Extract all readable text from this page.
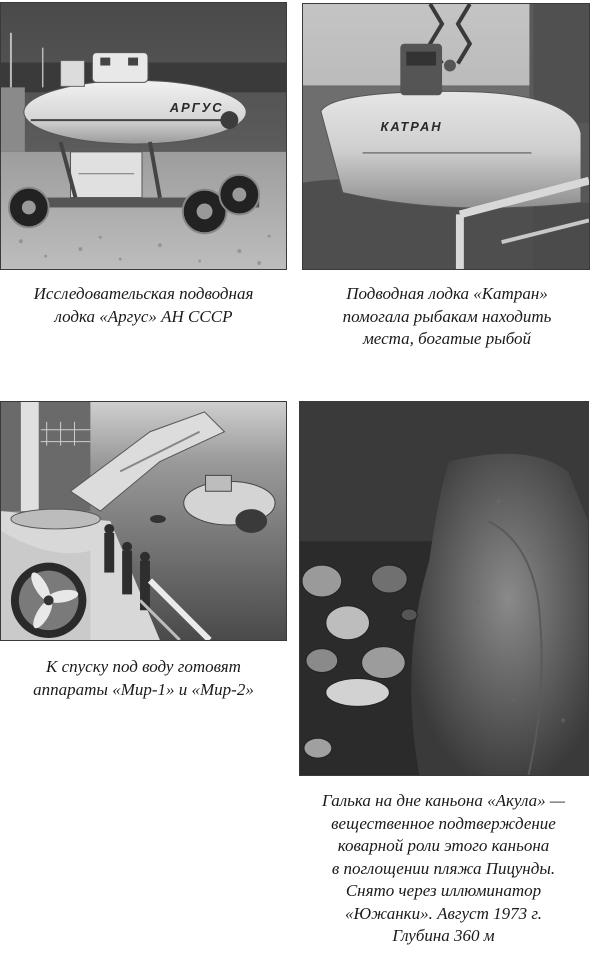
АРГУС
КАТРАН
Исследовательская подводная
лодка «Аргус» АН СССР
Подводная лодка «Катран»
помогала рыбакам находить
места, богатые рыбой
К спуску под воду готовят
аппараты «Мир-1» и «Мир-2»
Галька на дне каньона «Акула» —
вещественное подтверждение
коварной роли этого каньона
в поглощении пляжа Пицунды.
Снято через иллюминатор
«Южанки». Август 1973 г.
Глубина 360 м
